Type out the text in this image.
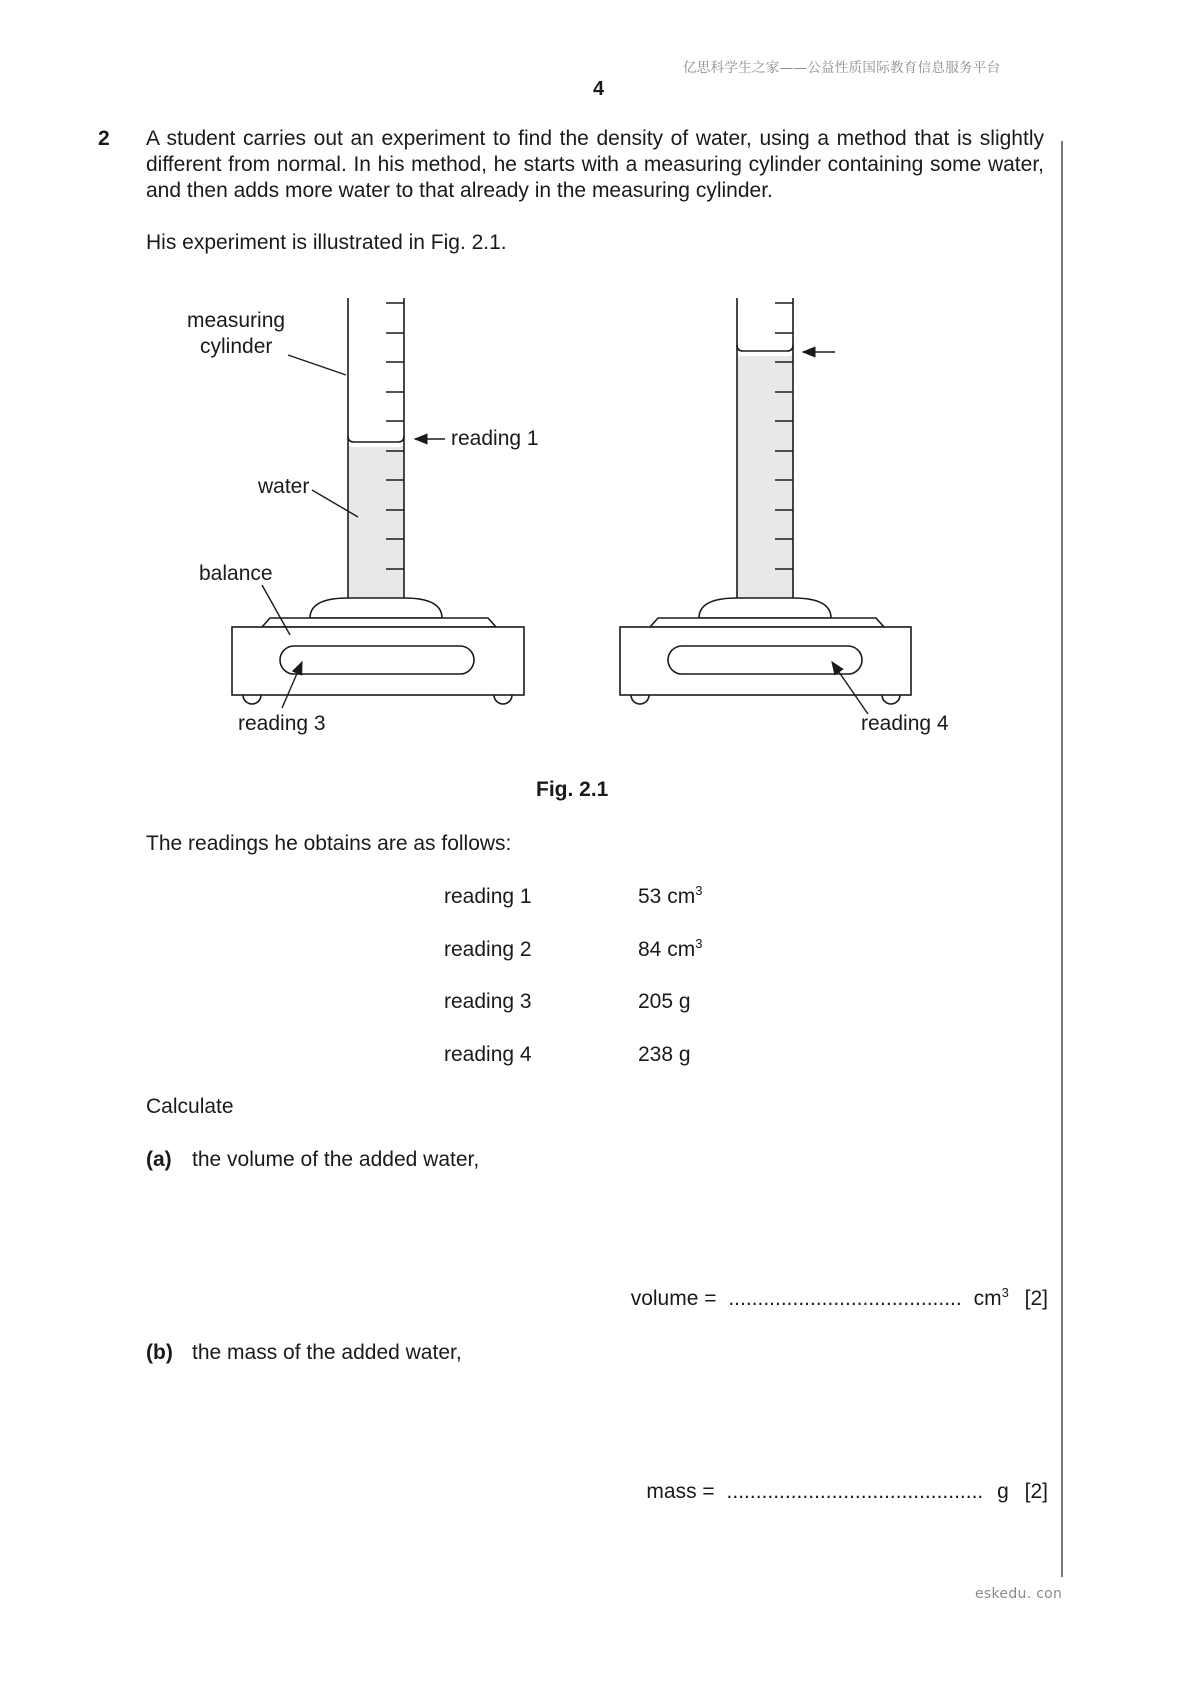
亿思科学生之家——公益性质国际教育信息服务平台
4
2 A student carries out an experiment to find the density of water, using a method that is slightly different from normal. In his method, he starts with a measuring cylinder containing some water, and then adds more water to that already in the measuring cylinder.
His experiment is illustrated in Fig. 2.1.
measuring
cylinder
water
balance
reading 1
reading 3	reading 4
Fig. 2.1
The readings he obtains are as follows:
reading 1	53 $cm^3$
reading 2	84 $cm^3$
reading 3	205 g
reading 4	238 g
Calculate
(a) the volume of the added water,
volume = ........................................ $cm^3$ [2]
(b) the mass of the added water,
mass = ............................................ g [2]
eskedu. con
